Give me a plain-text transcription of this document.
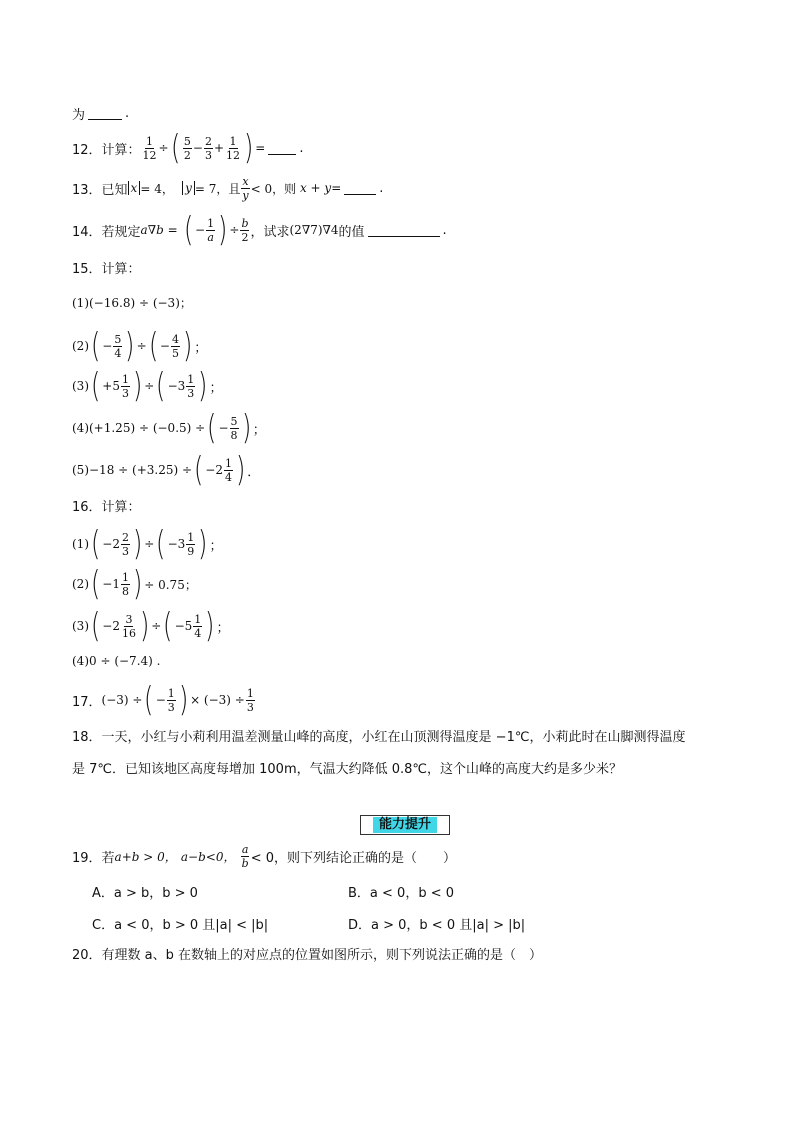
为	.
12．计算： $\frac{1}{12}$ ÷ ( $\frac{5}{2} - \frac{2}{3} + \frac{1}{12}$ ) =	.
13．已知 x = 4，
y = 7，且 $\frac{x}{y} < 0$，则 x + y =	.
14．若规定 a∇b =
( − $\frac{1}{a}$ ) ÷ $\frac{b}{2}$ ，试求 (2∇7)∇4 的值	.
15．计算：
(1) (−16.8) ÷ (−3)；
(2) ( − $\frac{5}{4}$ ) ÷ ( − $\frac{4}{5}$ ) ；
(3) ( $+5 \frac{1}{3}$ ) ÷ ( $-3 \frac{1}{3}$ ) ；
(4) (+1.25) ÷ (−0.5) ÷ ( − $\frac{5}{8}$ ) ；
(5) −18 ÷ (+3.25) ÷ ( $-2 \frac{1}{4}$ ) ．
16．计算：
(1) ( $-2 \frac{2}{3}$ ) ÷ ( $-3 \frac{1}{9}$ ) ；
(2) ( $-1 \frac{1}{8}$ ) ÷ 0.75；
(3) ( $-2 \frac{3}{16}$ ) ÷ ( $-5 \frac{1}{4}$ ) ；
(4) 0 ÷ (−7.4) .
17． (−3) ÷ ( − $\frac{1}{3}$ ) × $(-3) \div \frac{1}{3}$
18．一天，小红与小莉利用温差测量山峰的高度，小红在山顶测得温度是 −1℃，小莉此时在山脚测得温度
是 7℃．已知该地区高度每增加 100m，气温大约降低 0.8℃，这个山峰的高度大约是多少米？
能力提升
19．若 a+b > 0，
a−b<0，
$\frac{a}{b} < 0$，则下列结论正确的是（　　）
A．a > b，b > 0	B．a < 0，b < 0
C．a < 0，b > 0 且|a| < |b|	D．a > 0，b < 0 且|a| > |b|
20．有理数 a、b 在数轴上的对应点的位置如图所示，则下列说法正确的是（　）
